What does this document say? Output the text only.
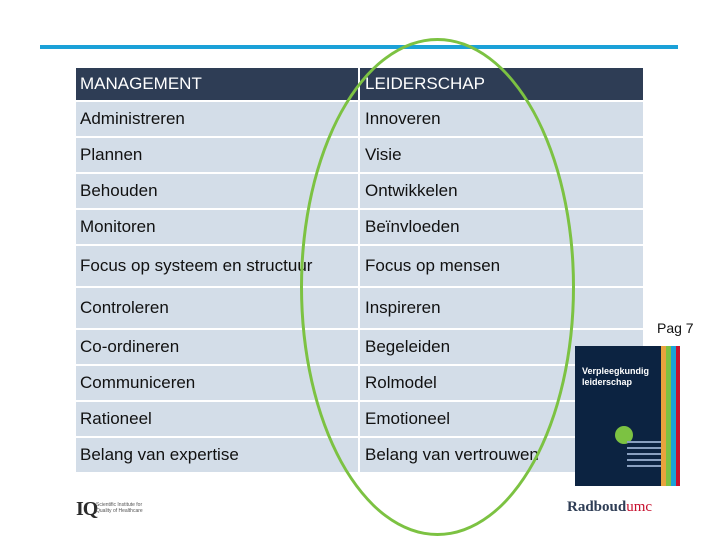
MANAGEMENT	LEIDERSCHAP
Administreren	Innoveren
Plannen	Visie
Behouden	Ontwikkelen
Monitoren	Beïnvloeden
Focus op systeem en structuur	Focus op mensen
Controleren	Inspireren
Co-ordineren	Begeleiden
Communiceren	Rolmodel
Rationeel	Emotioneel
Belang van expertise	Belang van vertrouwen
Pag 7
Verpleegkundig leiderschap
IQ
Scientific Institute for Quality of Healthcare	Radboudumc
